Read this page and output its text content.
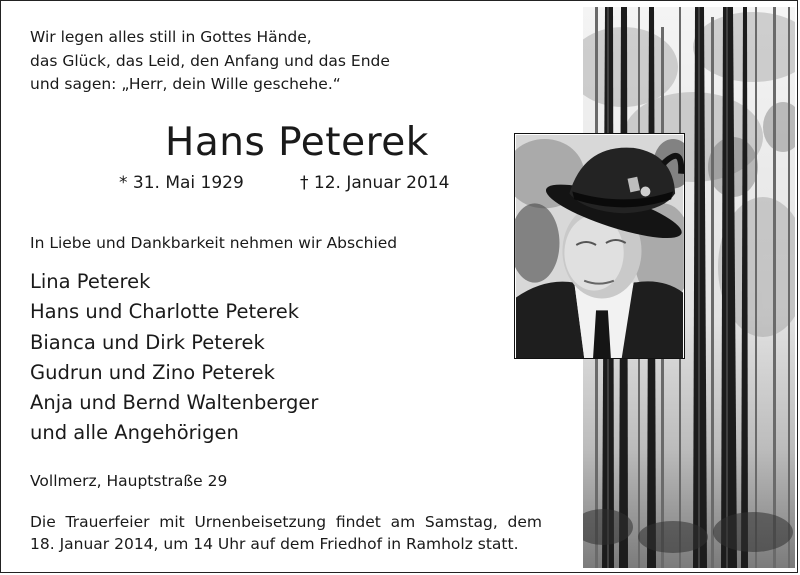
Wir legen alles still in Gottes Hände,
das Glück, das Leid, den Anfang und das Ende
und sagen: „Herr, dein Wille geschehe.“
Hans Peterek
* 31. Mai 1929	† 12. Januar 2014
In Liebe und Dankbarkeit nehmen wir Abschied
Lina Peterek
Hans und Charlotte Peterek
Bianca und Dirk Peterek
Gudrun und Zino Peterek
Anja und Bernd Waltenberger
und alle Angehörigen
Vollmerz, Hauptstraße 29
Die Trauerfeier mit Urnenbeisetzung findet am Samstag, dem
18. Januar 2014, um 14 Uhr auf dem Friedhof in Ramholz statt.
